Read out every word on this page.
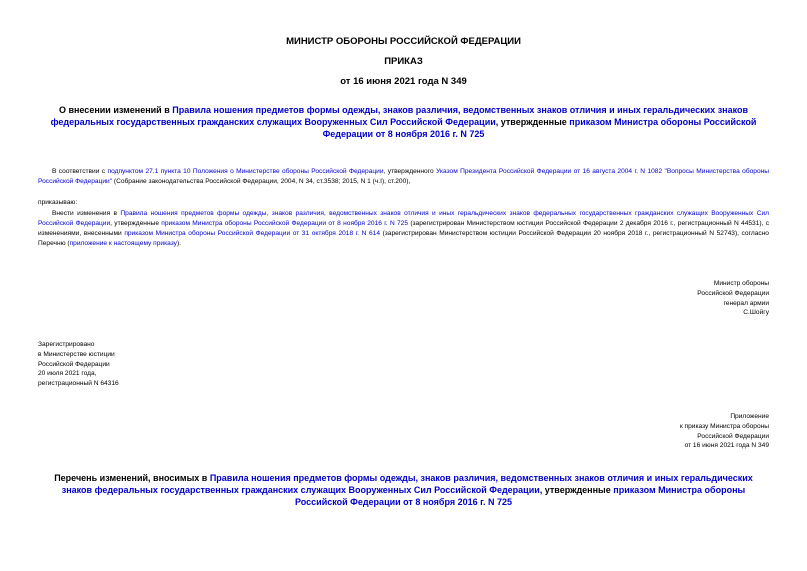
МИНИСТР ОБОРОНЫ РОССИЙСКОЙ ФЕДЕРАЦИИ
ПРИКАЗ
от 16 июня 2021 года N 349
О внесении изменений в Правила ношения предметов формы одежды, знаков различия, ведомственных знаков отличия и иных геральдических знаков федеральных государственных гражданских служащих Вооруженных Сил Российской Федерации, утвержденные приказом Министра обороны Российской Федерации от 8 ноября 2016 г. N 725
В соответствии с подпунктом 27.1 пункта 10 Положения о Министерстве обороны Российской Федерации, утвержденного Указом Президента Российской Федерации от 16 августа 2004 г. N 1082 "Вопросы Министерства обороны Российской Федерации" (Собрание законодательства Российской Федерации, 2004, N 34, ст.3538; 2015, N 1 (ч.I), ст.200),
приказываю:
Внести изменения в Правила ношения предметов формы одежды, знаков различия, ведомственных знаков отличия и иных геральдических знаков федеральных государственных гражданских служащих Вооруженных Сил Российской Федерации, утвержденные приказом Министра обороны Российской Федерации от 8 ноября 2016 г. N 725 (зарегистрирован Министерством юстиции Российской Федерации 2 декабря 2016 г., регистрационный N 44531), с изменениями, внесенными приказом Министра обороны Российской Федерации от 31 октября 2018 г. N 614 (зарегистрирован Министерством юстиции Российской Федерации 20 ноября 2018 г., регистрационный N 52743), согласно Перечню (приложение к настоящему приказу).
Министр обороны
Российской Федерации
генерал армии
С.Шойгу
Зарегистрировано
в Министерстве юстиции
Российской Федерации
20 июля 2021 года,
регистрационный N 64316
Приложение
к приказу Министра обороны
Российской Федерации
от 16 июня 2021 года N 349
Перечень изменений, вносимых в Правила ношения предметов формы одежды, знаков различия, ведомственных знаков отличия и иных геральдических знаков федеральных государственных гражданских служащих Вооруженных Сил Российской Федерации, утвержденные приказом Министра обороны Российской Федерации от 8 ноября 2016 г. N 725
